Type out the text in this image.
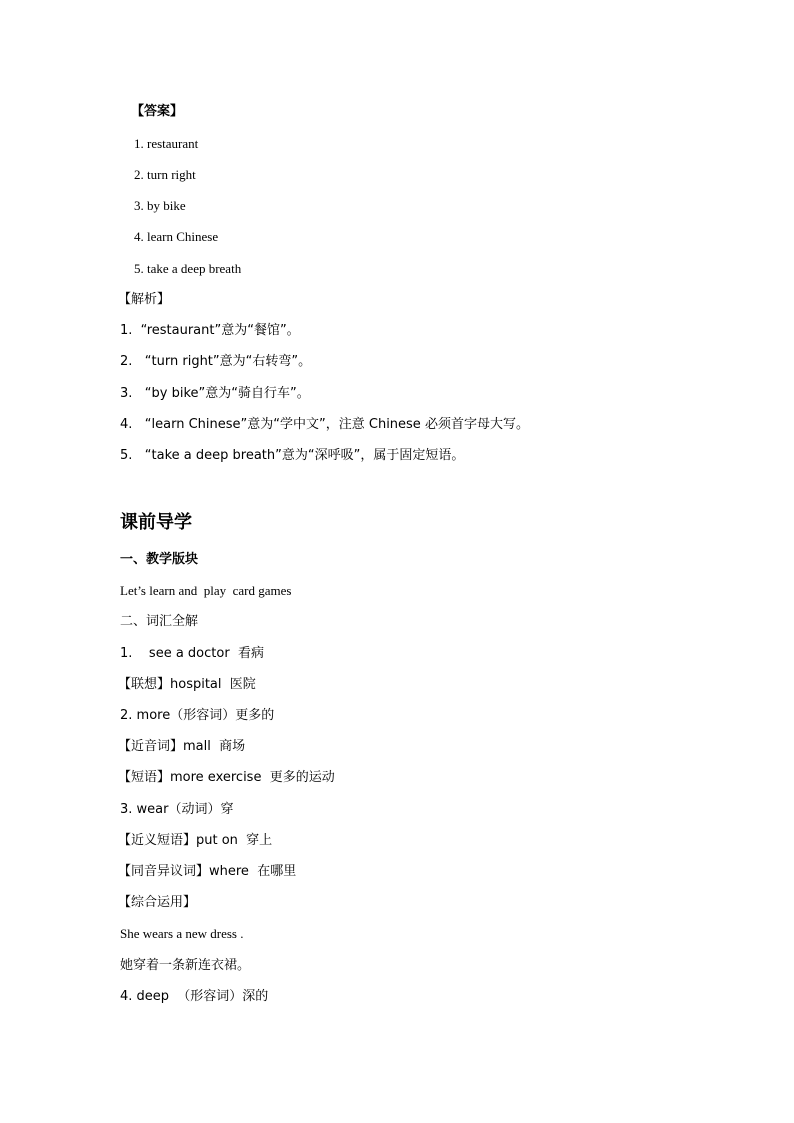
【答案】
1. restaurant
2. turn right
3. by bike
4. learn Chinese
5. take a deep breath
【解析】
1.  “restaurant”意为“餐馆”。
2.   “turn right”意为“右转弯”。
3.   “by bike”意为“骑自行车”。
4.   “learn Chinese”意为“学中文”，注意 Chinese 必须首字母大写。
5.   “take a deep breath”意为“深呼吸”，属于固定短语。
课前导学
一、教学版块
Let’s learn and  play  card games
二、词汇全解
1.    see a doctor  看病
【联想】hospital  医院
2. more（形容词）更多的
【近音词】mall  商场
【短语】more exercise  更多的运动
3. wear（动词）穿
【近义短语】put on  穿上
【同音异议词】where  在哪里
【综合运用】
She wears a new dress .
她穿着一条新连衣裙。
4. deep  （形容词）深的
